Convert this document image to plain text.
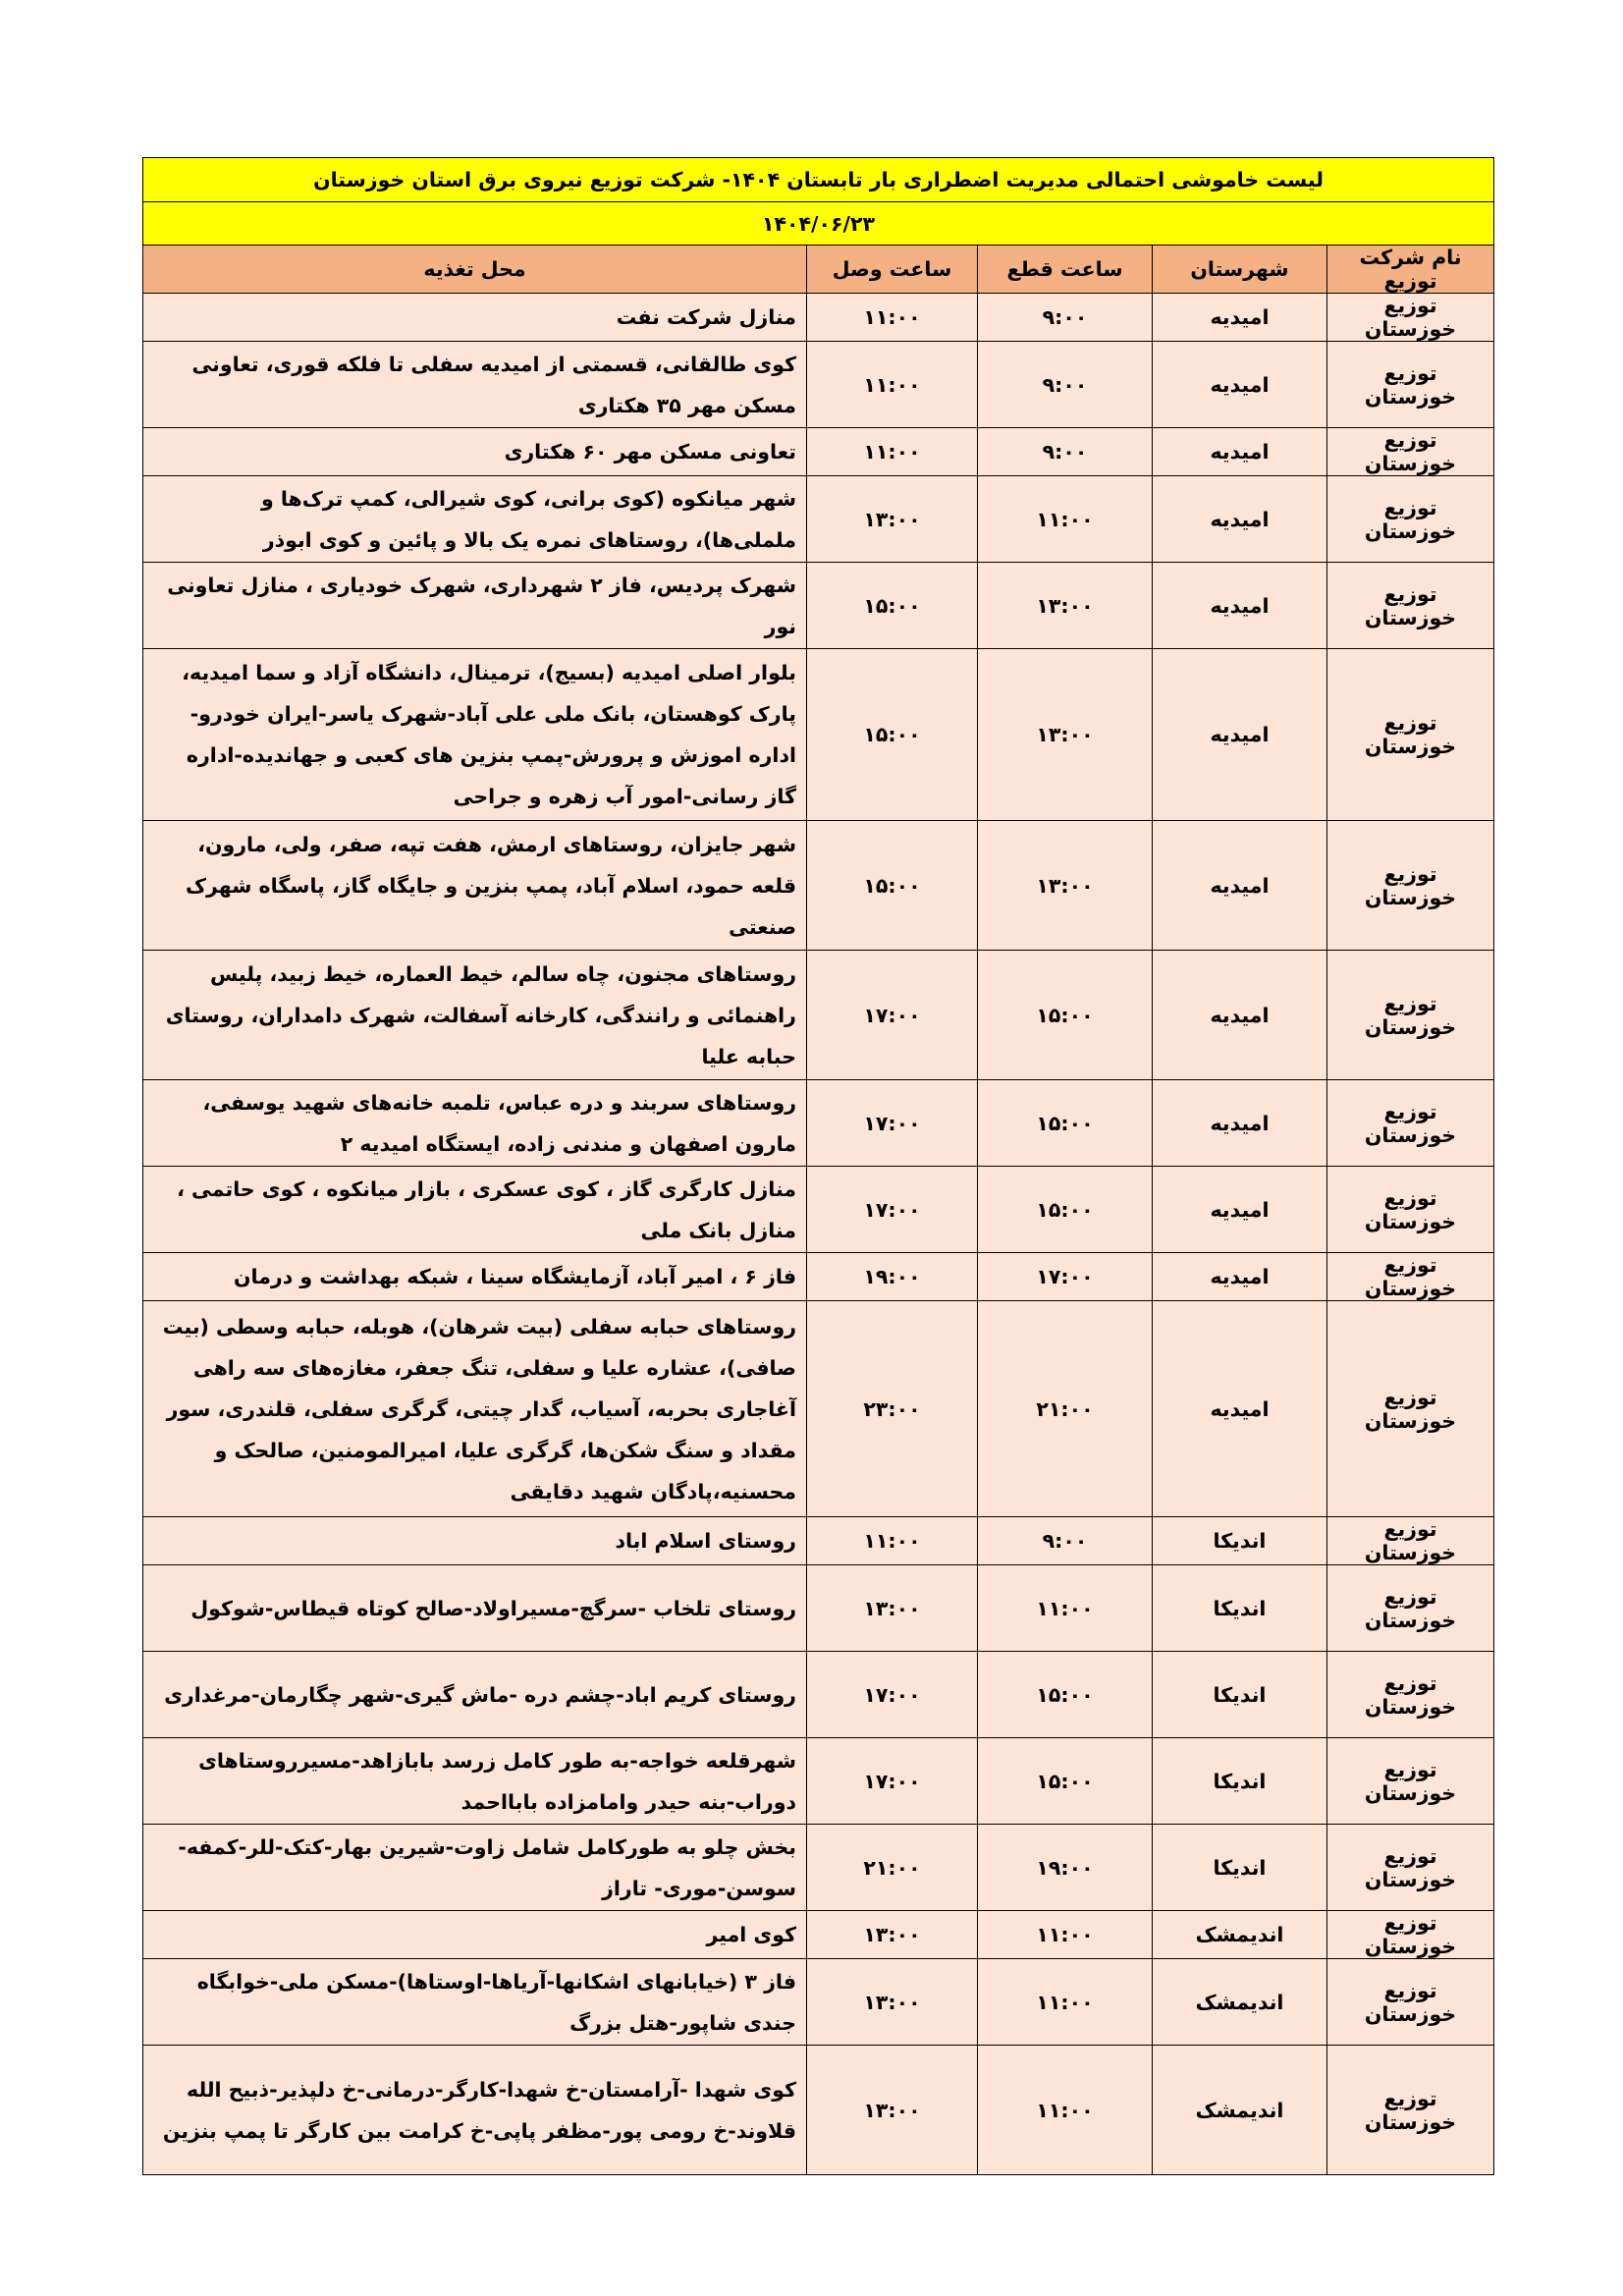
لیست خاموشی احتمالی مدیریت اضطراری بار تابستان ۱۴۰۴- شرکت توزیع نیروی برق استان خوزستان				
۱۴۰۴/۰۶/۲۳				
نام شرکت توزیع	شهرستان	ساعت قطع	ساعت وصل	محل تغذیه
توزیع خوزستان	امیدیه	۹:۰۰	۱۱:۰۰	منازل شرکت نفت
توزیع خوزستان	امیدیه	۹:۰۰	۱۱:۰۰	کوی طالقانی، قسمتی از امیدیه سفلی تا فلکه قوری، تعاونی مسکن مهر ۳۵ هکتاری
توزیع خوزستان	امیدیه	۹:۰۰	۱۱:۰۰	تعاونی مسکن مهر ۶۰ هکتاری
توزیع خوزستان	امیدیه	۱۱:۰۰	۱۳:۰۰	شهر میانکوه (کوی برانی، کوی شیرالی، کمپ ترک‌ها و ململی‌ها)، روستاهای نمره یک بالا و پائین و کوی ابوذر
توزیع خوزستان	امیدیه	۱۳:۰۰	۱۵:۰۰	شهرک پردیس، فاز ۲ شهرداری، شهرک خودیاری ، منازل تعاونی نور
توزیع خوزستان	امیدیه	۱۳:۰۰	۱۵:۰۰	بلوار اصلی امیدیه (بسیج)، ترمینال، دانشگاه آزاد و سما امیدیه، پارک کوهستان، بانک ملی علی آباد-شهرک یاسر-ایران خودرو-اداره اموزش و پرورش-پمپ بنزین های کعبی و جهاندیده-اداره گاز رسانی-امور آب زهره و جراحی
توزیع خوزستان	امیدیه	۱۳:۰۰	۱۵:۰۰	شهر جایزان، روستاهای ارمش، هفت تپه، صفر، ولی، مارون، قلعه حمود، اسلام آباد، پمپ بنزین و جایگاه گاز، پاسگاه شهرک صنعتی
توزیع خوزستان	امیدیه	۱۵:۰۰	۱۷:۰۰	روستاهای مجنون، چاه سالم، خیط العماره، خیط زبید، پلیس راهنمائی و رانندگی، کارخانه آسفالت، شهرک دامداران، روستای حبابه علیا
توزیع خوزستان	امیدیه	۱۵:۰۰	۱۷:۰۰	روستاهای سربند و دره عباس، تلمبه خانه‌های شهید یوسفی، مارون اصفهان و مندنی زاده، ایستگاه امیدیه ۲
توزیع خوزستان	امیدیه	۱۵:۰۰	۱۷:۰۰	منازل کارگری گاز ، کوی عسکری ، بازار میانکوه ، کوی حاتمی ، منازل بانک ملی
توزیع خوزستان	امیدیه	۱۷:۰۰	۱۹:۰۰	فاز ۶ ، امیر آباد، آزمایشگاه سینا ، شبکه بهداشت و درمان
توزیع خوزستان	امیدیه	۲۱:۰۰	۲۳:۰۰	روستاهای حبابه سفلی (بیت شرهان)، هوبله، حبابه وسطی (بیت صافی)، عشاره علیا و سفلی، تنگ جعفر، مغازه‌های سه راهی آغاجاری بحربه، آسیاب، گدار چیتی، گرگری سفلی، قلندری، سور مقداد و سنگ شکن‌ها، گرگری علیا، امیرالمومنین، صالحک و محسنیه،پادگان شهید دقایقی
توزیع خوزستان	اندیکا	۹:۰۰	۱۱:۰۰	روستای اسلام اباد
توزیع خوزستان	اندیکا	۱۱:۰۰	۱۳:۰۰	روستای تلخاب -سرگچ-مسیراولاد-صالح کوتاه قیطاس-شوکول
توزیع خوزستان	اندیکا	۱۵:۰۰	۱۷:۰۰	روستای کریم اباد-چشم دره -ماش گیری-شهر چگارمان-مرغداری
توزیع خوزستان	اندیکا	۱۵:۰۰	۱۷:۰۰	شهرقلعه خواجه-به طور کامل زرسد بابازاهد-مسیرروستاهای دوراب-بنه حیدر وامامزاده بابااحمد
توزیع خوزستان	اندیکا	۱۹:۰۰	۲۱:۰۰	بخش چلو به طورکامل شامل زاوت-شیرین بهار-کتک-للر-کمفه-سوسن-موری- تاراز
توزیع خوزستان	اندیمشک	۱۱:۰۰	۱۳:۰۰	کوی امیر
توزیع خوزستان	اندیمشک	۱۱:۰۰	۱۳:۰۰	فاز ۳ (خیابانهای اشکانها-آریاها-اوستاها)-مسکن ملی-خوابگاه جندی شاپور-هتل بزرگ
توزیع خوزستان	اندیمشک	۱۱:۰۰	۱۳:۰۰	کوی شهدا -آرامستان-خ شهدا-کارگر-درمانی-خ دلپذیر-ذبیح الله قلاوند-خ رومی پور-مظفر پاپی-خ کرامت بین کارگر تا پمپ بنزین
